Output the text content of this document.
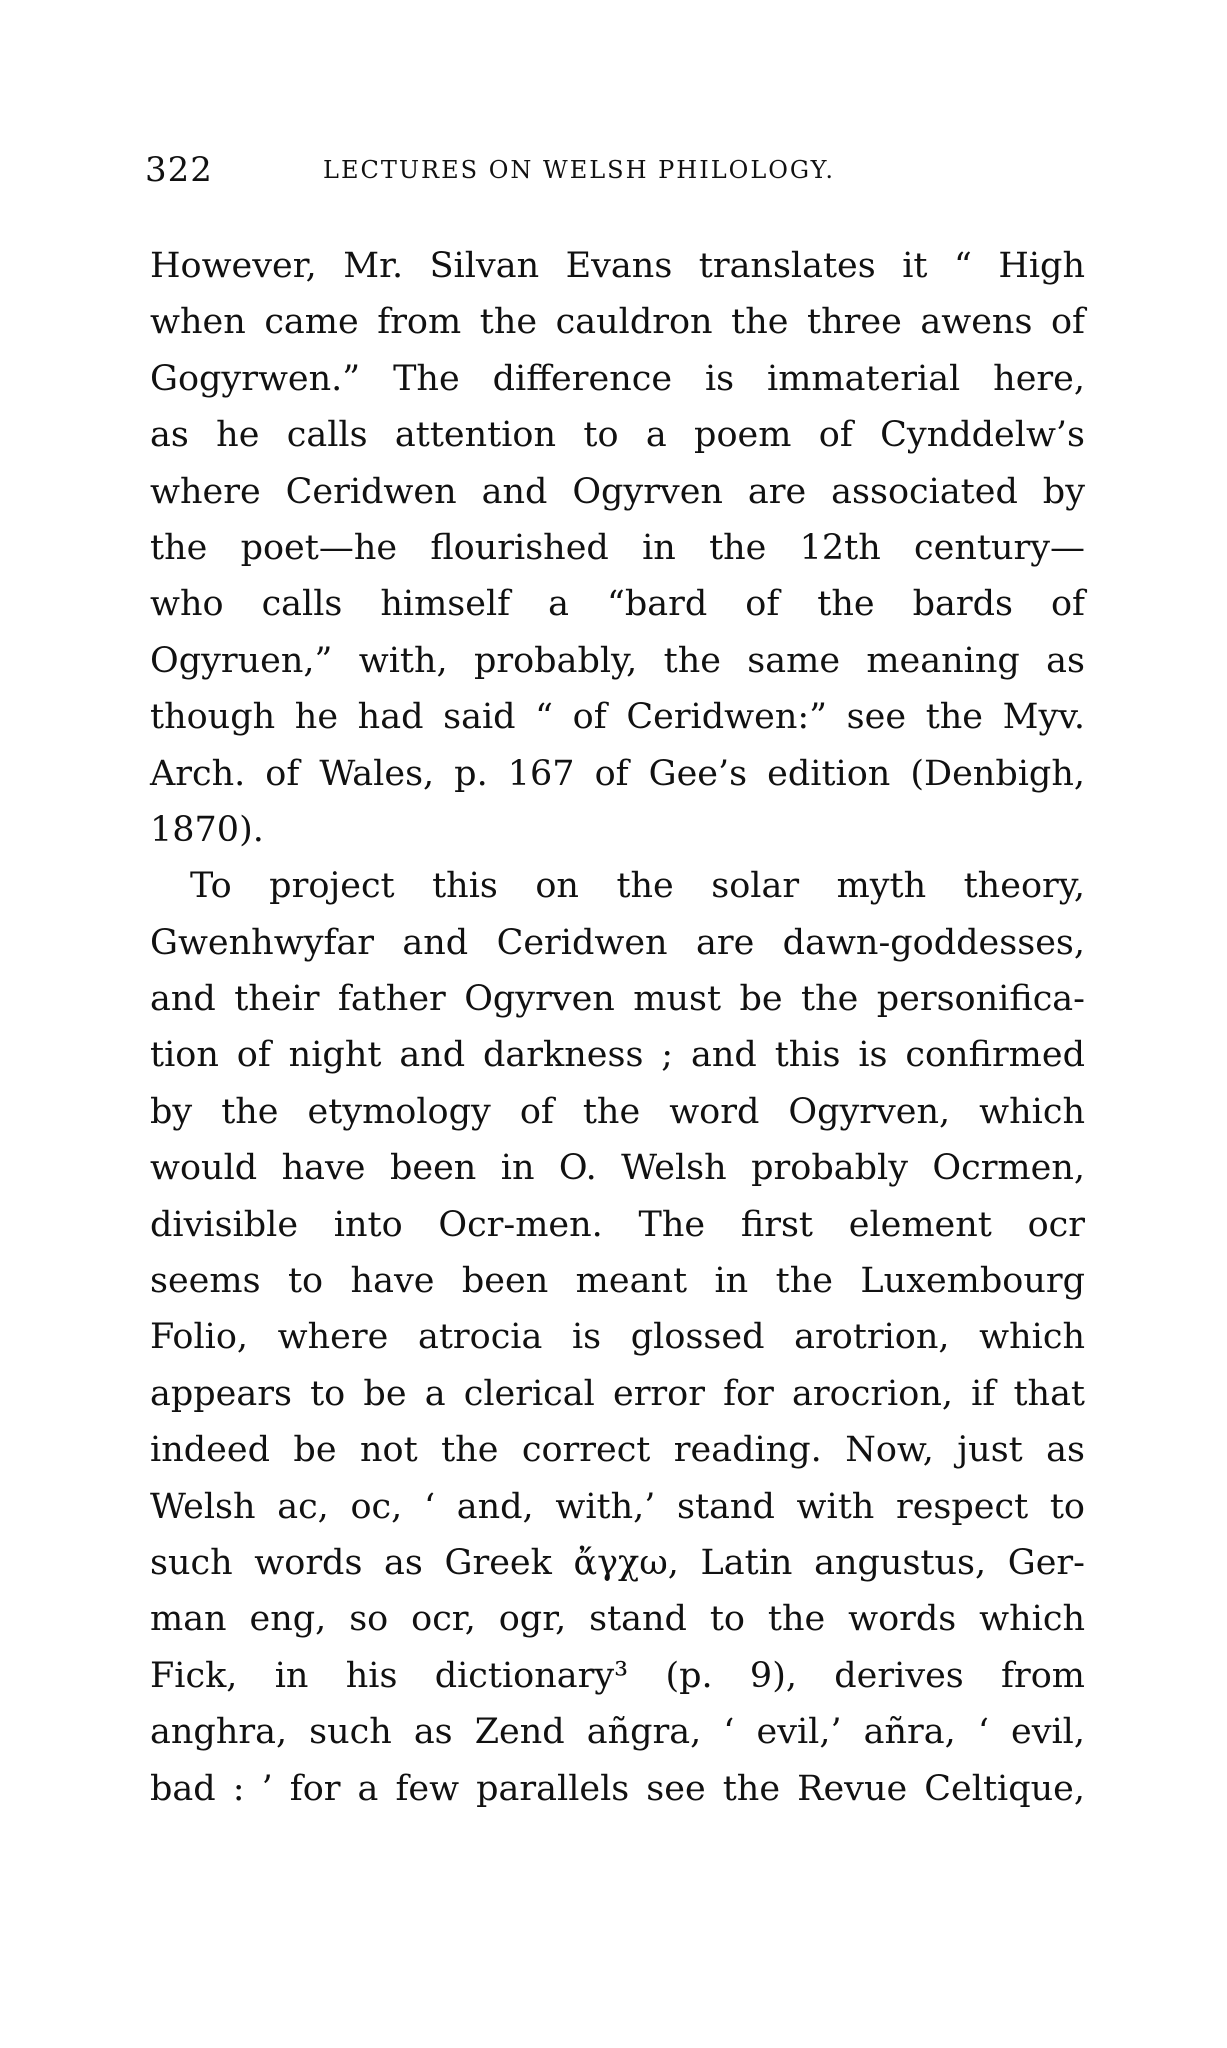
322	LECTURES ON WELSH PHILOLOGY.
However, Mr. Silvan Evans translates it “ High
when came from the cauldron the three awens of
Gogyrwen.” The difference is immaterial here,
as he calls attention to a poem of Cynddelw’s
where Ceridwen and Ogyrven are associated by
the poet—he flourished in the 12th century—
who calls himself a “bard of the bards of
Ogyruen,” with, probably, the same meaning as
though he had said “ of Ceridwen:” see the Myv.
Arch. of Wales, p. 167 of Gee’s edition (Denbigh,
1870).
To project this on the solar myth theory,
Gwenhwyfar and Ceridwen are dawn-goddesses,
and their father Ogyrven must be the personifica-
tion of night and darkness ; and this is confirmed
by the etymology of the word Ogyrven, which
would have been in O. Welsh probably Ocrmen,
divisible into Ocr-men. The first element ocr
seems to have been meant in the Luxembourg
Folio, where atrocia is glossed arotrion, which
appears to be a clerical error for arocrion, if that
indeed be not the correct reading. Now, just as
Welsh ac, oc, ‘ and, with,’ stand with respect to
such words as Greek ἄγχω, Latin angustus, Ger-
man eng, so ocr, ogr, stand to the words which
Fick, in his dictionary³ (p. 9), derives from
anghra, such as Zend añgra, ‘ evil,’ añra, ‘ evil,
bad : ’ for a few parallels see the Revue Celtique,
